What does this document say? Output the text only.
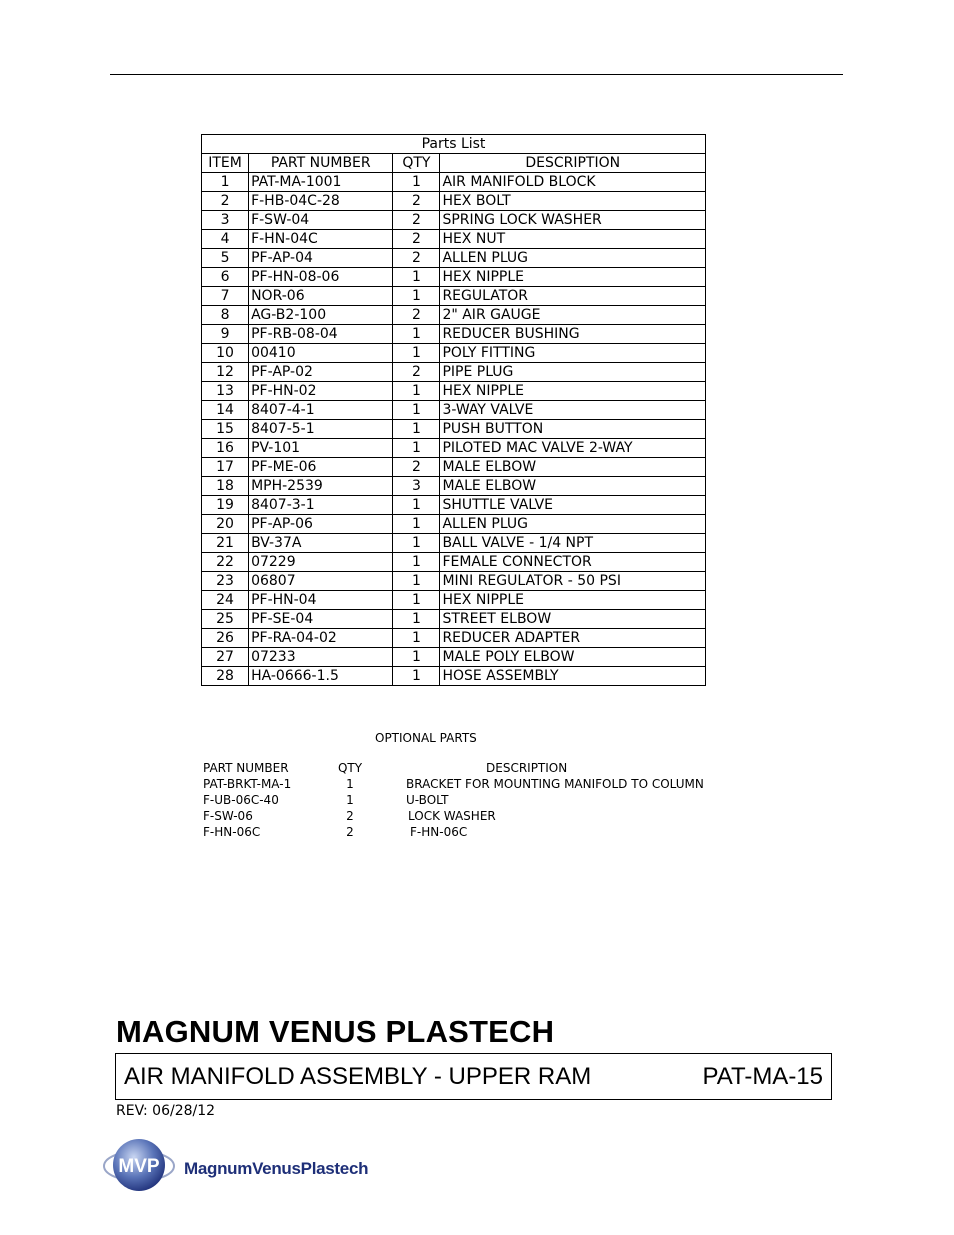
Parts List			
ITEM	PART NUMBER	QTY	DESCRIPTION
1	PAT-MA-1001	1	AIR MANIFOLD BLOCK
2	F-HB-04C-28	2	HEX BOLT
3	F-SW-04	2	SPRING LOCK WASHER
4	F-HN-04C	2	HEX NUT
5	PF-AP-04	2	ALLEN PLUG
6	PF-HN-08-06	1	HEX NIPPLE
7	NOR-06	1	REGULATOR
8	AG-B2-100	2	2" AIR GAUGE
9	PF-RB-08-04	1	REDUCER BUSHING
10	00410	1	POLY FITTING
12	PF-AP-02	2	PIPE PLUG
13	PF-HN-02	1	HEX NIPPLE
14	8407-4-1	1	3-WAY VALVE
15	8407-5-1	1	PUSH BUTTON
16	PV-101	1	PILOTED MAC VALVE 2-WAY
17	PF-ME-06	2	MALE ELBOW
18	MPH-2539	3	MALE ELBOW
19	8407-3-1	1	SHUTTLE VALVE
20	PF-AP-06	1	ALLEN PLUG
21	BV-37A	1	BALL VALVE - 1/4 NPT
22	07229	1	FEMALE CONNECTOR
23	06807	1	MINI REGULATOR - 50 PSI
24	PF-HN-04	1	HEX NIPPLE
25	PF-SE-04	1	STREET ELBOW
26	PF-RA-04-02	1	REDUCER ADAPTER
27	07233	1	MALE POLY ELBOW
28	HA-0666-1.5	1	HOSE ASSEMBLY
OPTIONAL PARTS
PART NUMBER	QTY	DESCRIPTION
PAT-BRKT-MA-1	1	BRACKET FOR MOUNTING MANIFOLD TO COLUMN
F-UB-06C-40	1	U-BOLT
F-SW-06	2	LOCK WASHER
F-HN-06C	2	F-HN-06C
MAGNUM VENUS PLASTECH
AIR MANIFOLD ASSEMBLY - UPPER RAM	PAT-MA-15
REV: 06/28/12
MVP MagnumVenusPlastech
